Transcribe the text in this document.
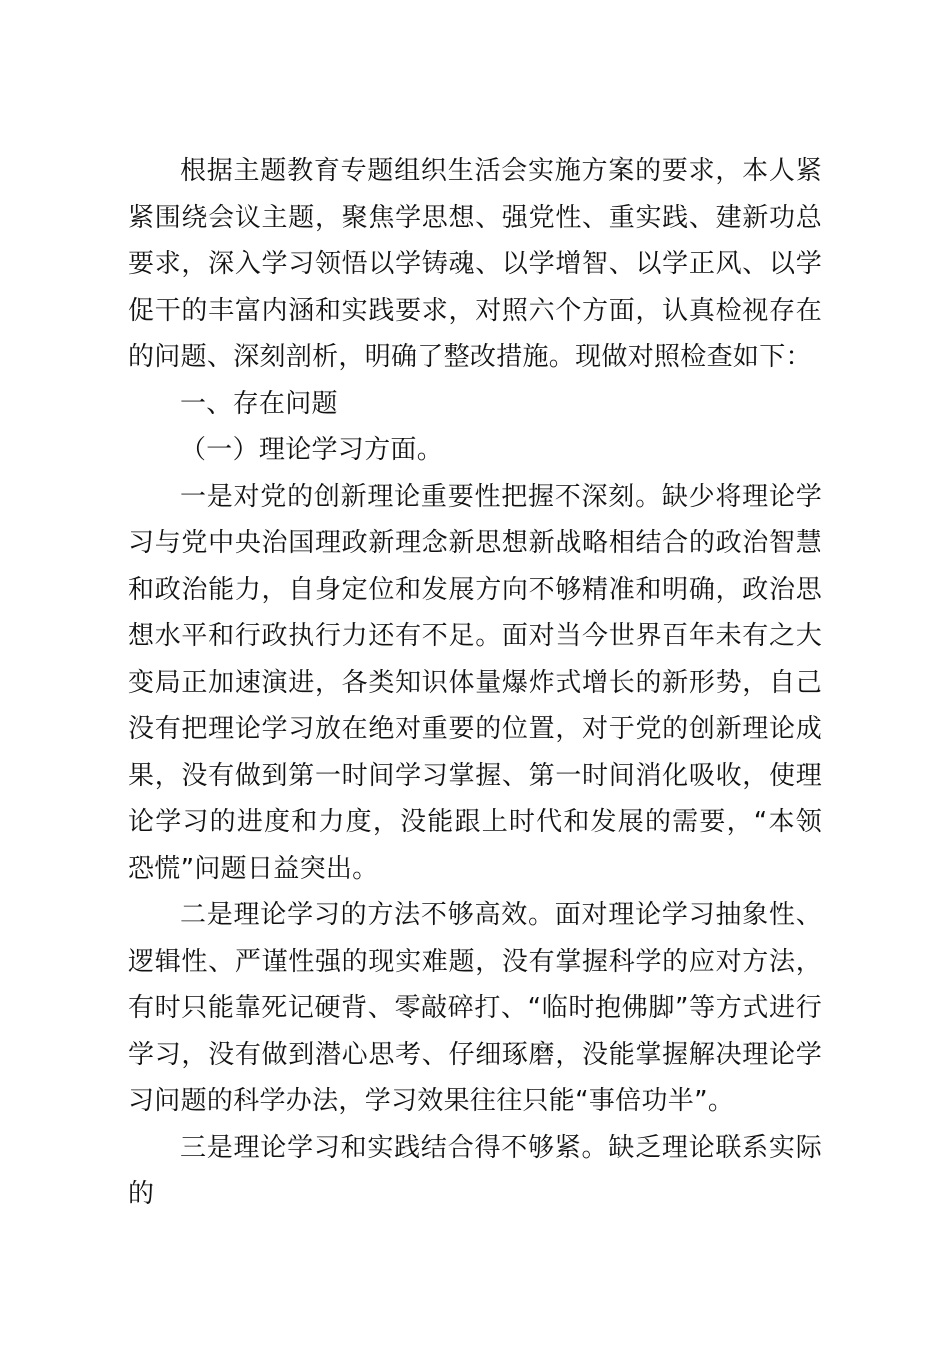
根据主题教育专题组织生活会实施方案的要求，本人紧紧围绕会议主题，聚焦学思想、强党性、重实践、建新功总要求，深入学习领悟以学铸魂、以学增智、以学正风、以学促干的丰富内涵和实践要求，对照六个方面，认真检视存在的问题、深刻剖析，明确了整改措施。现做对照检查如下：

一、存在问题

（一）理论学习方面。

一是对党的创新理论重要性把握不深刻。缺少将理论学习与党中央治国理政新理念新思想新战略相结合的政治智慧和政治能力，自身定位和发展方向不够精准和明确，政治思想水平和行政执行力还有不足。面对当今世界百年未有之大变局正加速演进，各类知识体量爆炸式增长的新形势，自己没有把理论学习放在绝对重要的位置，对于党的创新理论成果，没有做到第一时间学习掌握、第一时间消化吸收，使理论学习的进度和力度，没能跟上时代和发展的需要，“本领恐慌”问题日益突出。

二是理论学习的方法不够高效。面对理论学习抽象性、逻辑性、严谨性强的现实难题，没有掌握科学的应对方法，有时只能靠死记硬背、零敲碎打、“临时抱佛脚”等方式进行学习，没有做到潜心思考、仔细琢磨，没能掌握解决理论学习问题的科学办法，学习效果往往只能“事倍功半”。

三是理论学习和实践结合得不够紧。缺乏理论联系实际的
